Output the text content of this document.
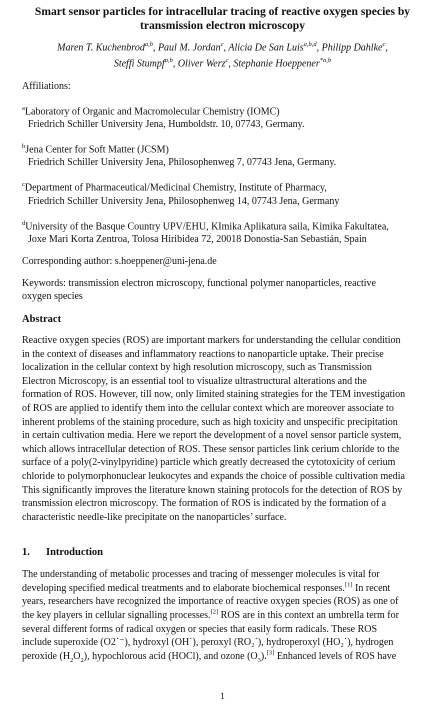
Smart sensor particles for intracellular tracing of reactive oxygen species by
transmission electron microscopy
Maren T. Kuchenbrod$^{a,b}$, Paul M. Jordan$^c$, Alicia De San Luis$^{a,b,d}$, Philipp Dahlke$^c$,
Steffi Stumpf$^{a,b}$, Oliver Werz$^c$, Stephanie Hoeppener$^{*a,b}$
Affiliations:
$^a$Laboratory of Organic and Macromolecular Chemistry (IOMC)
Friedrich Schiller University Jena, Humboldstr. 10, 07743, Germany.
$^b$Jena Center for Soft Matter (JCSM)
Friedrich Schiller University Jena, Philosophenweg 7, 07743 Jena, Germany.
$^c$Department of Pharmaceutical/Medicinal Chemistry, Institute of Pharmacy,
Friedrich Schiller University Jena, Philosophenweg 14, 07743 Jena, Germany
$^d$University of the Basque Country UPV/EHU, KImika Aplikatura saila, Kimika Fakultatea,
Joxe Mari Korta Zentroa, Tolosa Hiribidea 72, 20018 Donostia-San Sebastián, Spain
Corresponding author: s.hoeppener@uni-jena.de
Keywords: transmission electron microscopy, functional polymer nanoparticles, reactive
oxygen species
Abstract
Reactive oxygen species (ROS) are important markers for understanding the cellular condition
in the context of diseases and inflammatory reactions to nanoparticle uptake. Their precise
localization in the cellular context by high resolution microscopy, such as Transmission
Electron Microscopy, is an essential tool to visualize ultrastructural alterations and the
formation of ROS. However, till now, only limited staining strategies for the TEM investigation
of ROS are applied to identify them into the cellular context which are moreover associate to
inherent problems of the staining procedure, such as high toxicity and unspecific precipitation
in certain cultivation media. Here we report the development of a novel sensor particle system,
which allows intracellular detection of ROS. These sensor particles link cerium chloride to the
surface of a poly(2-vinylpyridine) particle which greatly decreased the cytotoxicity of cerium
chloride to polymorphonuclear leukocytes and expands the choice of possible cultivation media
This significantly improves the literature known staining protocols for the detection of ROS by
transmission electron microscopy. The formation of ROS is indicated by the formation of a
characteristic needle-like precipitate on the nanoparticles’ surface.
1. Introduction
The understanding of metabolic processes and tracing of messenger molecules is vital for
developing specified medical treatments and to elaborate biochemical responses.[1] In recent
years, researchers have recognized the importance of reactive oxygen species (ROS) as one of
the key players in cellular signalling processes.[2] ROS are in this context an umbrella term for
several different forms of radical oxygen or species that easily form radicals. These ROS
include superoxide (O2˙⁻), hydroxyl (OH˙), peroxyl (RO₂˙), hydroperoxyl (HO₂˙), hydrogen
peroxide $(H_2O_2)$, hypochlorous acid (HOCl), and ozone $(O_3).[3]$ Enhanced levels of ROS have
1
